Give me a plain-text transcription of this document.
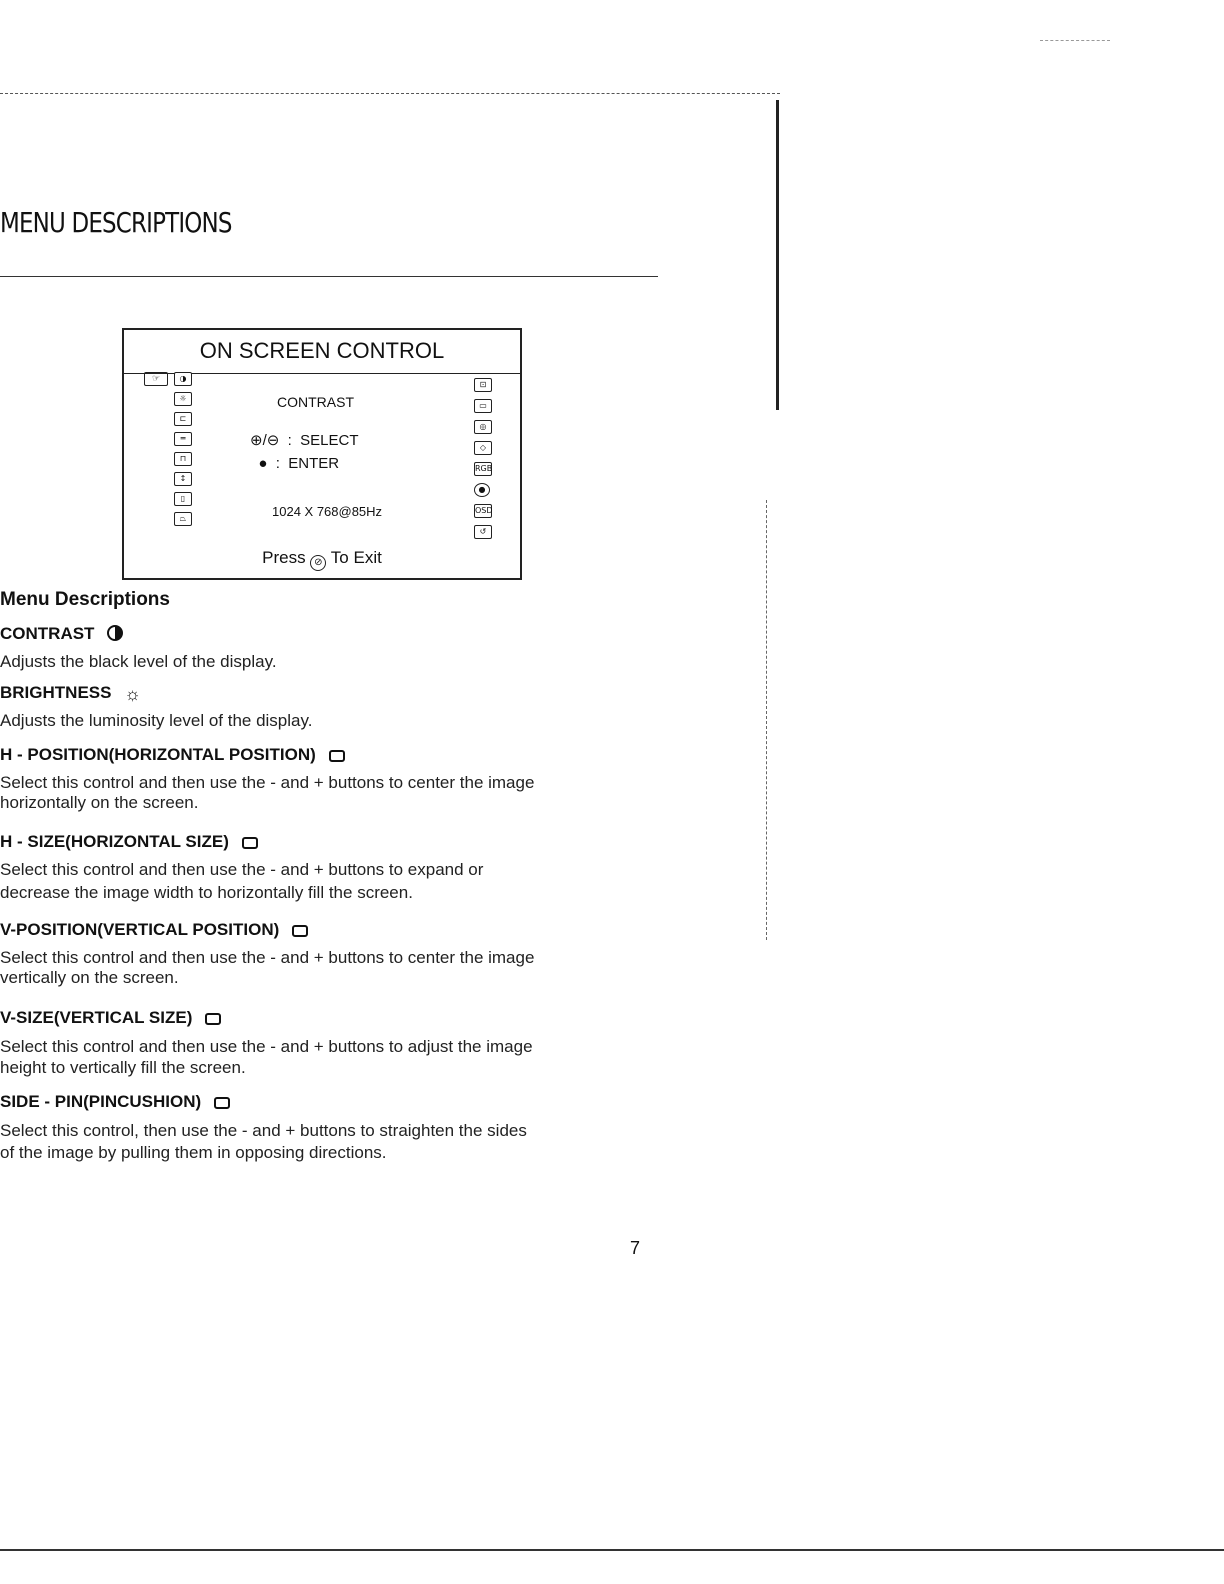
MENU DESCRIPTIONS
ON SCREEN CONTROL
☞	◑
☼
⊏
═
⊓
↕
▯
⏢
CONTRAST
⊕/⊖  :  SELECT
●  :  ENTER
1024 X 768@85Hz
Press ⊘ To Exit
⊡
▭
◎
◇
RGB
●
OSD
↺
Menu Descriptions
CONTRAST
Adjusts the black level of the display.
BRIGHTNESS ☼
Adjusts the luminosity level of the display.
H - POSITION(HORIZONTAL POSITION)
Select this control and then use the - and + buttons to center the image
horizontally on the screen.
H - SIZE(HORIZONTAL SIZE)
Select this control and then use the - and + buttons to expand or
decrease the image width to horizontally fill the screen.
V-POSITION(VERTICAL POSITION)
Select this control and then use the - and + buttons to center the image
vertically on the screen.
V-SIZE(VERTICAL SIZE)
Select this control and then use the - and + buttons to adjust the image
height to vertically fill the screen.
SIDE - PIN(PINCUSHION)
Select this control, then use the - and + buttons to straighten the sides
of the image by pulling them in opposing directions.
7
